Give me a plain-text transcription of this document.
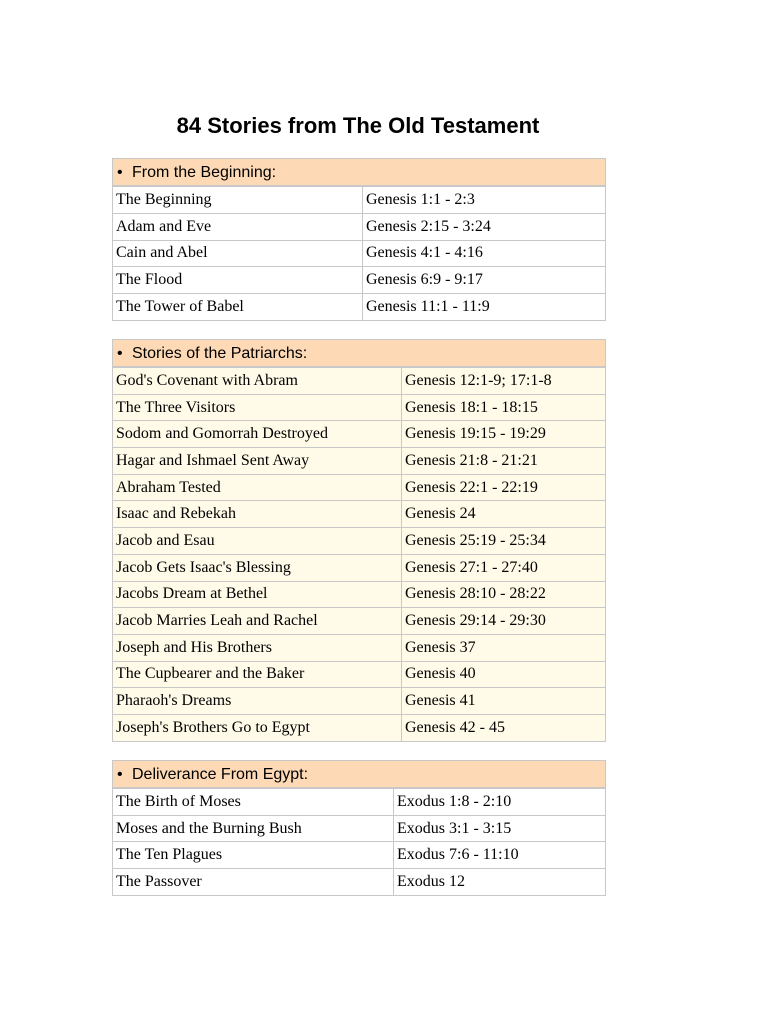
84 Stories from The Old Testament
• From the Beginning:
The Beginning	Genesis 1:1 - 2:3
Adam and Eve	Genesis 2:15 - 3:24
Cain and Abel	Genesis 4:1 - 4:16
The Flood	Genesis 6:9 - 9:17
The Tower of Babel	Genesis 11:1 - 11:9
• Stories of the Patriarchs:
God's Covenant with Abram	Genesis 12:1-9; 17:1-8
The Three Visitors	Genesis 18:1 - 18:15
Sodom and Gomorrah Destroyed	Genesis 19:15 - 19:29
Hagar and Ishmael Sent Away	Genesis 21:8 - 21:21
Abraham Tested	Genesis 22:1 - 22:19
Isaac and Rebekah	Genesis 24
Jacob and Esau	Genesis 25:19 - 25:34
Jacob Gets Isaac's Blessing	Genesis 27:1 - 27:40
Jacobs Dream at Bethel	Genesis 28:10 - 28:22
Jacob Marries Leah and Rachel	Genesis 29:14 - 29:30
Joseph and His Brothers	Genesis 37
The Cupbearer and the Baker	Genesis 40
Pharaoh's Dreams	Genesis 41
Joseph's Brothers Go to Egypt	Genesis 42 - 45
• Deliverance From Egypt:
The Birth of Moses	Exodus 1:8 - 2:10
Moses and the Burning Bush	Exodus 3:1 - 3:15
The Ten Plagues	Exodus 7:6 - 11:10
The Passover	Exodus 12
